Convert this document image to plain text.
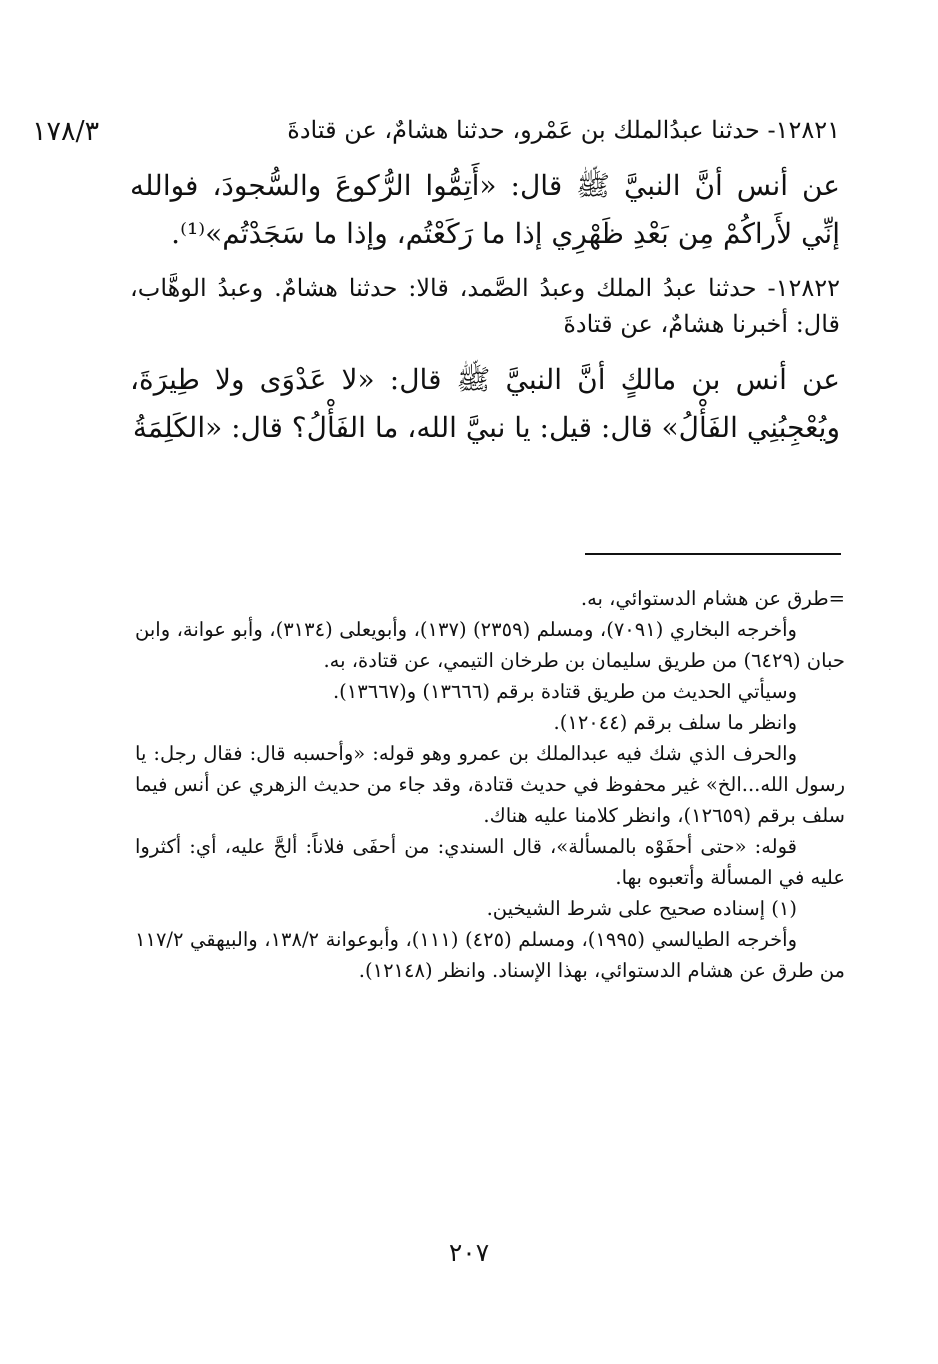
١٧٨/٣	١٢٨٢١- حدثنا عبدُالملك بن عَمْرو، حدثنا هشامٌ، عن قتادةَ

عن أنس أنَّ النبيَّ ﷺ قال: «أَتِمُّوا الرُّكوعَ والسُّجودَ، فوالله إنِّي لأَراكُمْ مِن بَعْدِ ظَهْرِي إذا ما رَكَعْتُم، وإذا ما سَجَدْتُم»⁽¹⁾.

١٢٨٢٢- حدثنا عبدُ الملك وعبدُ الصَّمد، قالا: حدثنا هشامٌ. وعبدُ الوهَّاب، قال: أخبرنا هشامٌ، عن قتادةَ

عن أنس بن مالكٍ أنَّ النبيَّ ﷺ قال: «لا عَدْوَى ولا طِيرَةَ، ويُعْجِبُنِي الفَأْلُ» قال: قيل: يا نبيَّ الله، ما الفَأْلُ؟ قال: «الكَلِمَةُ

=طرق عن هشام الدستوائي، به.

وأخرجه البخاري (٧٠٩١)، ومسلم (٢٣٥٩) (١٣٧)، وأبويعلى (٣١٣٤)، وأبو عوانة، وابن حبان (٦٤٢٩) من طريق سليمان بن طرخان التيمي، عن قتادة، به.

وسيأتي الحديث من طريق قتادة برقم (١٣٦٦٦) و(١٣٦٦٧).

وانظر ما سلف برقم (١٢٠٤٤).

والحرف الذي شك فيه عبدالملك بن عمرو وهو قوله: «وأحسبه قال: فقال رجل: يا رسول الله...الخ» غير محفوظ في حديث قتادة، وقد جاء من حديث الزهري عن أنس فيما سلف برقم (١٢٦٥٩)، وانظر كلامنا عليه هناك.

قوله: «حتى أحفَوْه بالمسألة»، قال السندي: من أحفَى فلاناً: ألحَّ عليه، أي: أكثروا عليه في المسألة وأتعبوه بها.

(١) إسناده صحيح على شرط الشيخين.

وأخرجه الطيالسي (١٩٩٥)، ومسلم (٤٢٥) (١١١)، وأبوعوانة ١٣٨/٢، والبيهقي ١١٧/٢ من طرق عن هشام الدستوائي، بهذا الإسناد. وانظر (١٢١٤٨).

٢٠٧
